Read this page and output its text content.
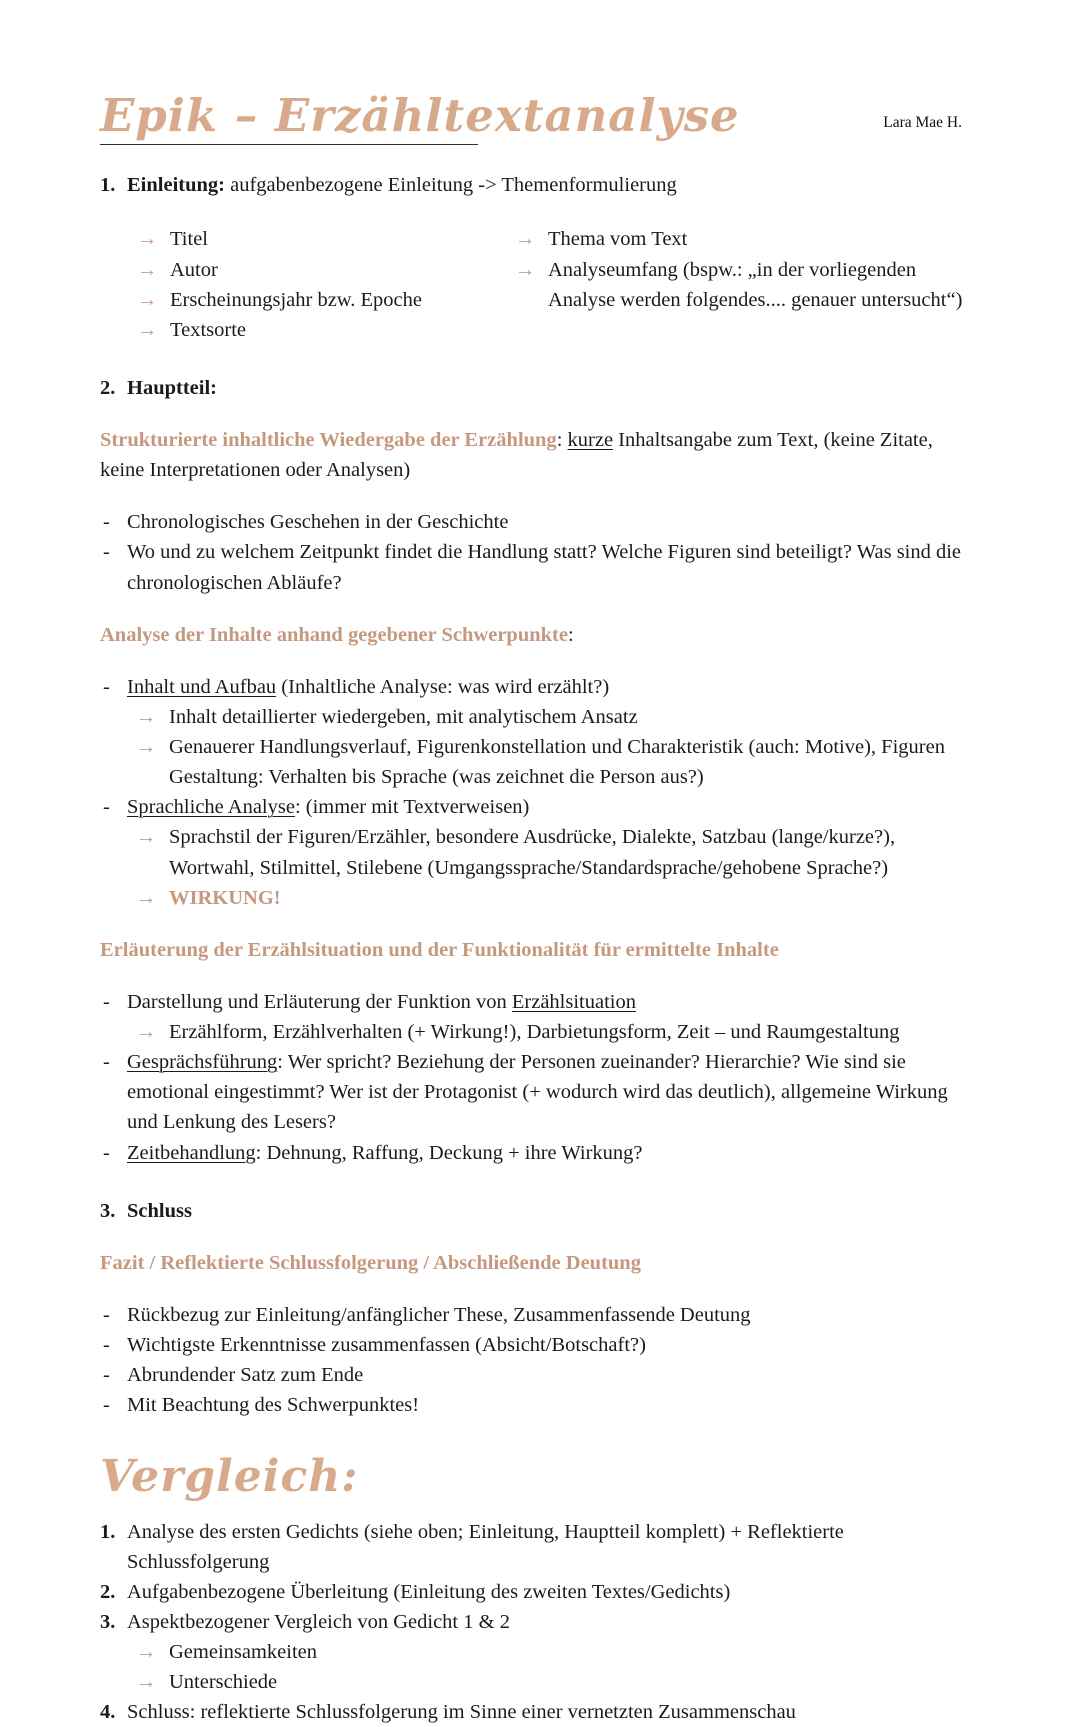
Lara Mae H.
Epik – Erzähltextanalyse
1. Einleitung: aufgabenbezogene Einleitung -> Themenformulierung
→ Titel
→ Autor
→ Erscheinungsjahr bzw. Epoche
→ Textsorte
→ Thema vom Text
→ Analyseumfang (bspw.: „in der vorliegenden Analyse werden folgendes.... genauer untersucht“)
2. Hauptteil:
Strukturierte inhaltliche Wiedergabe der Erzählung: kurze Inhaltsangabe zum Text, (keine Zitate, keine Interpretationen oder Analysen)
- Chronologisches Geschehen in der Geschichte
- Wo und zu welchem Zeitpunkt findet die Handlung statt? Welche Figuren sind beteiligt? Was sind die chronologischen Abläufe?
Analyse der Inhalte anhand gegebener Schwerpunkte:
- Inhalt und Aufbau (Inhaltliche Analyse: was wird erzählt?)
→ Inhalt detaillierter wiedergeben, mit analytischem Ansatz
→ Genauerer Handlungsverlauf, Figurenkonstellation und Charakteristik (auch: Motive), Figuren Gestaltung: Verhalten bis Sprache (was zeichnet die Person aus?)
- Sprachliche Analyse: (immer mit Textverweisen)
→ Sprachstil der Figuren/Erzähler, besondere Ausdrücke, Dialekte, Satzbau (lange/kurze?), Wortwahl, Stilmittel, Stilebene (Umgangssprache/Standardsprache/gehobene Sprache?)
→ WIRKUNG!
Erläuterung der Erzählsituation und der Funktionalität für ermittelte Inhalte
- Darstellung und Erläuterung der Funktion von Erzählsituation
→ Erzählform, Erzählverhalten (+ Wirkung!), Darbietungsform, Zeit – und Raumgestaltung
- Gesprächsführung: Wer spricht? Beziehung der Personen zueinander? Hierarchie? Wie sind sie emotional eingestimmt? Wer ist der Protagonist (+ wodurch wird das deutlich), allgemeine Wirkung und Lenkung des Lesers?
- Zeitbehandlung: Dehnung, Raffung, Deckung + ihre Wirkung?
3. Schluss
Fazit / Reflektierte Schlussfolgerung / Abschließende Deutung
- Rückbezug zur Einleitung/anfänglicher These, Zusammenfassende Deutung
- Wichtigste Erkenntnisse zusammenfassen (Absicht/Botschaft?)
- Abrundender Satz zum Ende
- Mit Beachtung des Schwerpunktes!
Vergleich:
1. Analyse des ersten Gedichts (siehe oben; Einleitung, Hauptteil komplett) + Reflektierte Schlussfolgerung
2. Aufgabenbezogene Überleitung (Einleitung des zweiten Textes/Gedichts)
3. Aspektbezogener Vergleich von Gedicht 1 & 2
→ Gemeinsamkeiten
→ Unterschiede
4. Schluss: reflektierte Schlussfolgerung im Sinne einer vernetzten Zusammenschau
